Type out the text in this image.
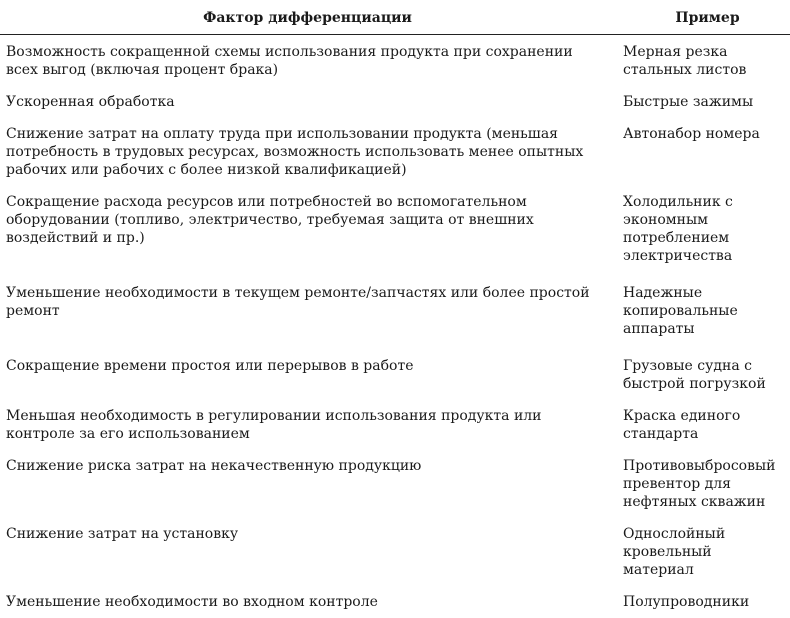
Фактор дифференциации	Пример
Возможность сокращенной схемы использования продукта при сохранении всех выгод (включая процент брака)	Мерная резка стальных листов
Ускоренная обработка	Быстрые зажимы
Снижение затрат на оплату труда при использовании продукта (меньшая потребность в трудовых ресурсах, возможность использовать менее опытных рабочих или рабочих с более низкой квалификацией)	Автонабор номера
Сокращение расхода ресурсов или потребностей во вспомогательном оборудовании (топливо, электричество, требуемая защита от внешних воздействий и пр.)	Холодильник с экономным потреблением электричества
Уменьшение необходимости в текущем ремонте/запчастях или более простой ремонт	Надежные копировальные аппараты
Сокращение времени простоя или перерывов в работе	Грузовые судна с быстрой погрузкой
Меньшая необходимость в регулировании использования продукта или контроле за его использованием	Краска единого стандарта
Снижение риска затрат на некачественную продукцию	Противовыбросовый превентор для нефтяных скважин
Снижение затрат на установку	Однослойный кровельный материал
Уменьшение необходимости во входном контроле	Полупроводники
